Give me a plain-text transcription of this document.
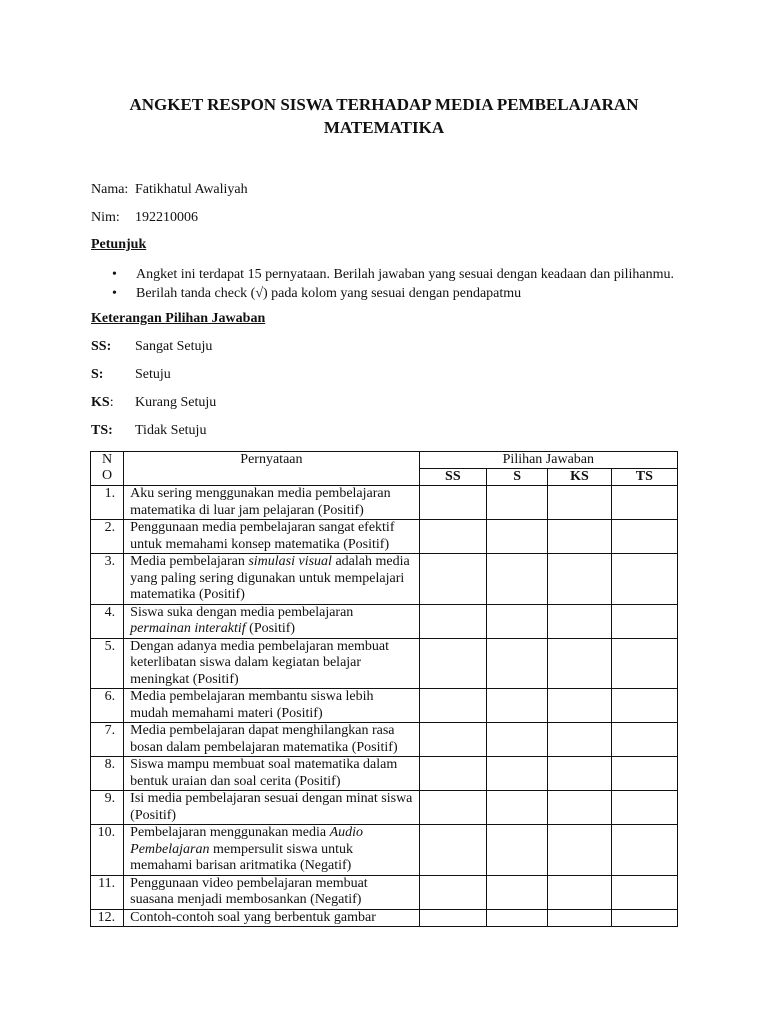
ANGKET RESPON SISWA TERHADAP MEDIA PEMBELAJARAN MATEMATIKA
Nama: Fatikhatul Awaliyah
Nim: 192210006
Petunjuk
• Angket ini terdapat 15 pernyataan. Berilah jawaban yang sesuai dengan keadaan dan pilihanmu.
• Berilah tanda check (√) pada kolom yang sesuai dengan pendapatmu
Keterangan Pilihan Jawaban
SS: Sangat Setuju
S: Setuju
KS: Kurang Setuju
TS: Tidak Setuju
N
O	Pernyataan	Pilihan Jawaban			
		SS	S	KS	TS
1.	Aku sering menggunakan media pembelajaran matematika di luar jam pelajaran (Positif)				
2.	Penggunaan media pembelajaran sangat efektif untuk memahami konsep matematika (Positif)				
3.	Media pembelajaran simulasi visual adalah media yang paling sering digunakan untuk mempelajari matematika (Positif)				
4.	Siswa suka dengan media pembelajaran permainan interaktif (Positif)				
5.	Dengan adanya media pembelajaran membuat keterlibatan siswa dalam kegiatan belajar meningkat (Positif)				
6.	Media pembelajaran membantu siswa lebih mudah memahami materi (Positif)				
7.	Media pembelajaran dapat menghilangkan rasa bosan dalam pembelajaran matematika (Positif)				
8.	Siswa mampu membuat soal matematika dalam bentuk uraian dan soal cerita (Positif)				
9.	Isi media pembelajaran sesuai dengan minat siswa (Positif)				
10.	Pembelajaran menggunakan media Audio Pembelajaran mempersulit siswa untuk memahami barisan aritmatika (Negatif)				
11.	Penggunaan video pembelajaran membuat suasana menjadi membosankan (Negatif)				
12.	Contoh-contoh soal yang berbentuk gambar				
